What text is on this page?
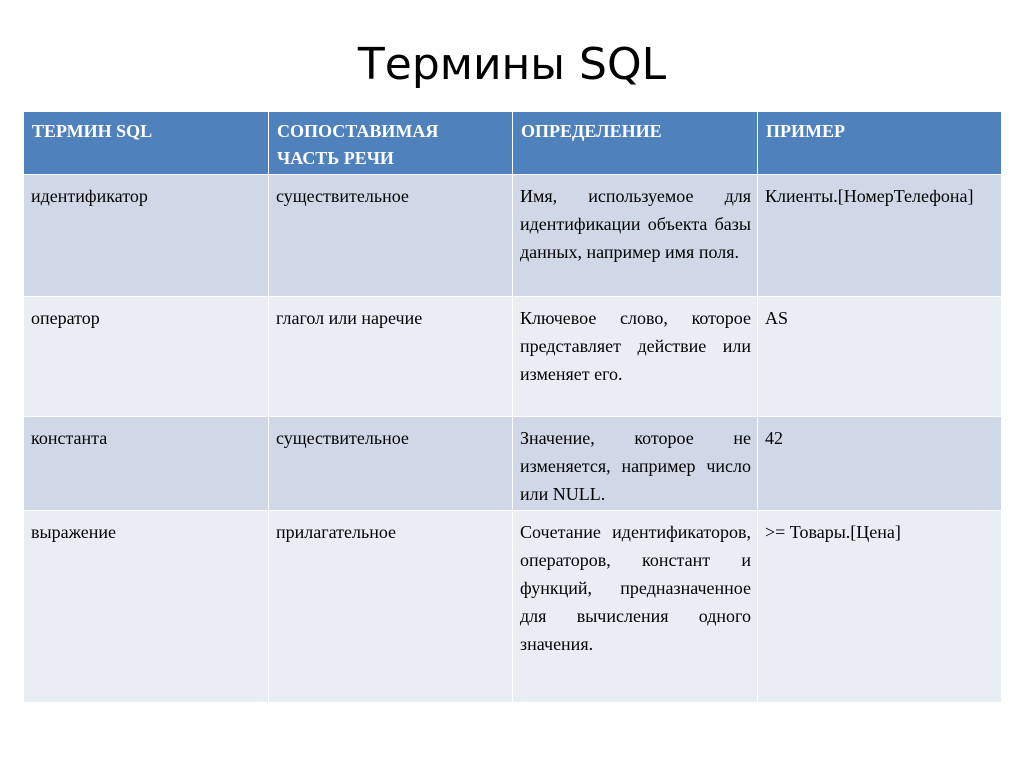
Термины SQL
ТЕРМИН SQL	СОПОСТАВИМАЯ ЧАСТЬ РЕЧИ	ОПРЕДЕЛЕНИЕ	ПРИМЕР
идентификатор	существительное	Имя, используемое для идентификации объекта базы данных, например имя поля.	Клиенты.[НомерТелефона]
оператор	глагол или наречие	Ключевое слово, которое представляет действие или изменяет его.	AS
константа	существительное	Значение, которое не изменяется, например число или NULL.	42
выражение	прилагательное	Сочетание идентификаторов, операторов, констант и функций, предназначенное для вычисления одного значения.	>= Товары.[Цена]
